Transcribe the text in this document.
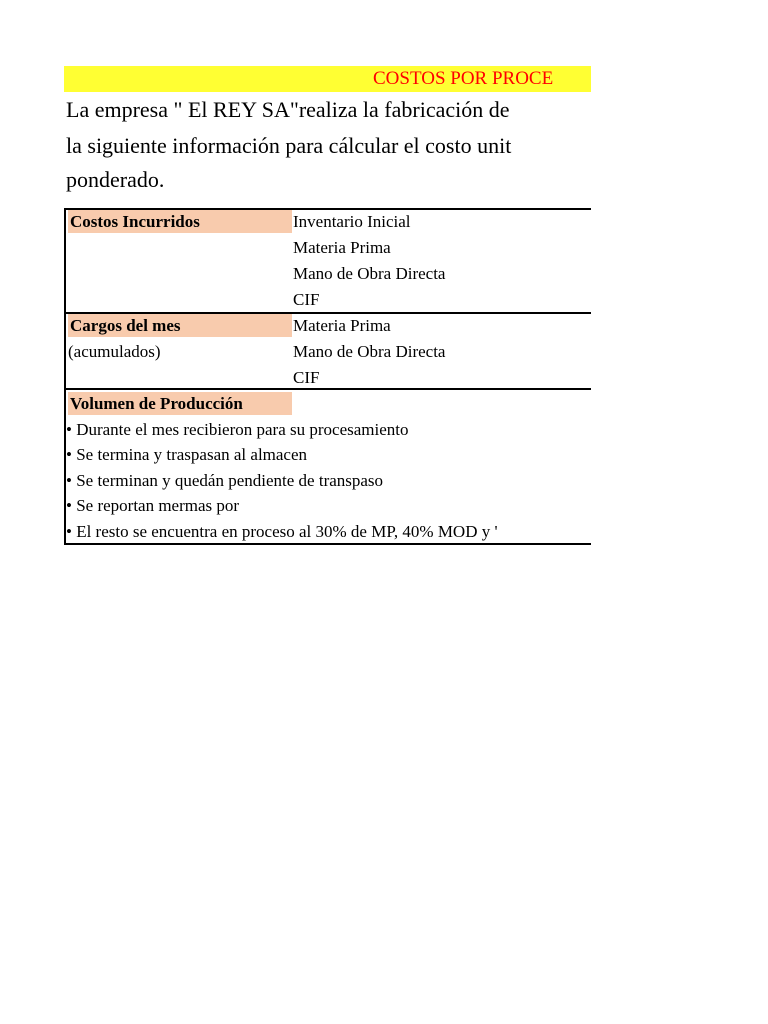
COSTOS POR PROCE
La empresa " El REY SA"realiza la fabricación de
la siguiente información para cálcular el costo unit
ponderado.
Costos Incurridos	Inventario Inicial
Materia Prima
Mano de Obra Directa
CIF
Cargos del mes
(acumulados)
Materia Prima
Mano de Obra Directa
CIF
Volumen de Producción
• Durante el mes recibieron para su procesamiento
• Se termina y traspasan al almacen
• Se terminan y quedán pendiente de transpaso
• Se reportan mermas por
• El resto se encuentra en proceso al 30% de MP, 40% MOD y '
